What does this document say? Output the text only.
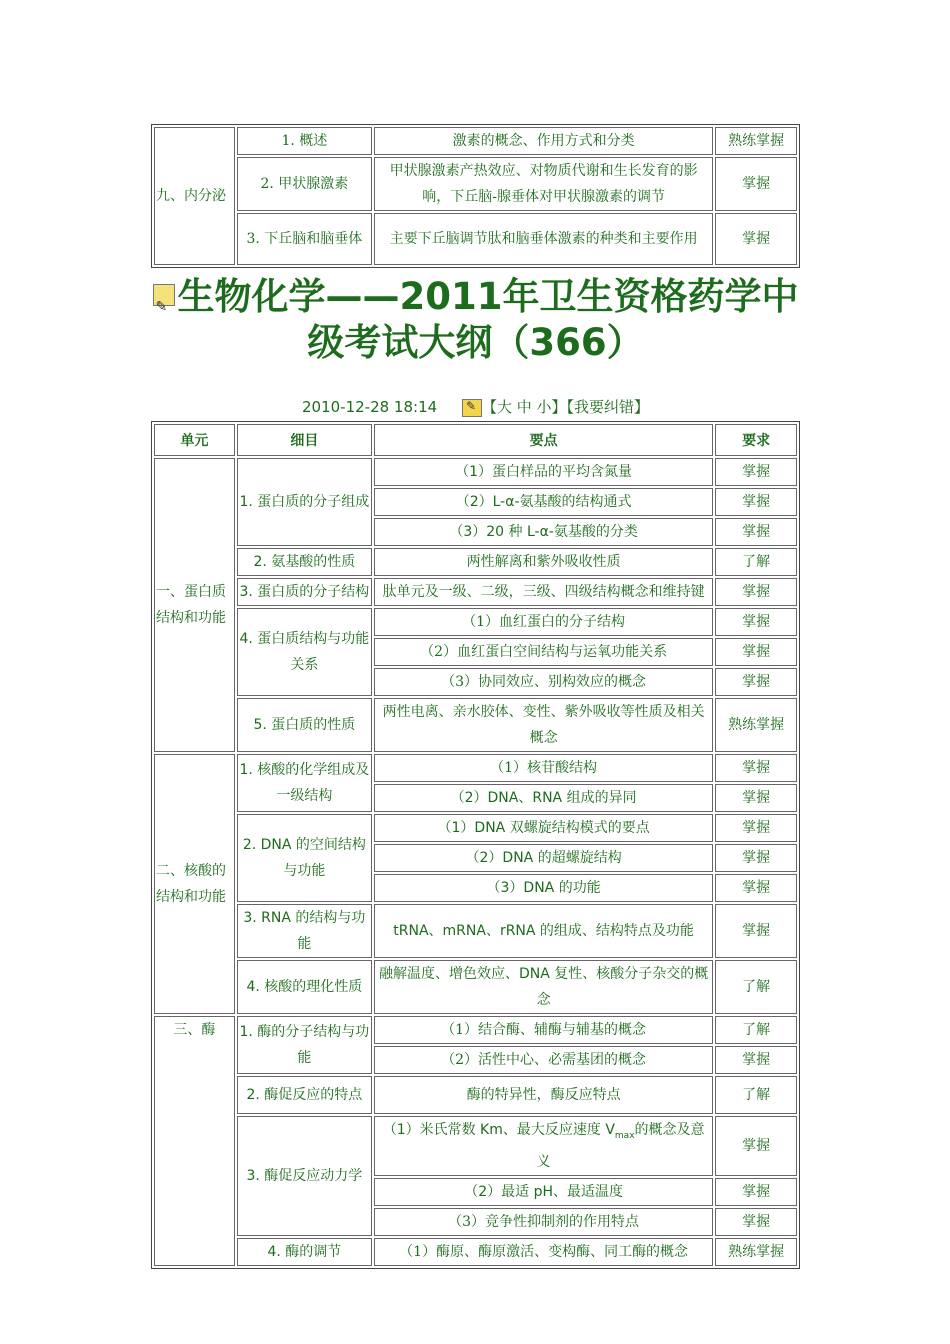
九、内分泌	1. 概述	激素的概念、作用方式和分类	熟练掌握
	2. 甲状腺激素	甲状腺激素产热效应、对物质代谢和生长发育的影响，下丘脑-腺垂体对甲状腺激素的调节	掌握
	3. 下丘脑和脑垂体	主要下丘脑调节肽和脑垂体激素的种类和主要作用	掌握
✎生物化学——2011年卫生资格药学中级考试大纲（366）
2010-12-28 18:14 ✎	【大 中 小】【我要纠错】
单元	细目	要点	要求
一、蛋白质结构和功能	1. 蛋白质的分子组成	（1）蛋白样品的平均含氮量	掌握
		（2）L-α-氨基酸的结构通式	掌握
		（3）20 种 L-α-氨基酸的分类	掌握
	2. 氨基酸的性质	两性解离和紫外吸收性质	了解
	3. 蛋白质的分子结构	肽单元及一级、二级，三级、四级结构概念和维持键	掌握
	4. 蛋白质结构与功能关系	（1）血红蛋白的分子结构	掌握
		（2）血红蛋白空间结构与运氧功能关系	掌握
		（3）协同效应、别构效应的概念	掌握
	5. 蛋白质的性质	两性电离、亲水胶体、变性、紫外吸收等性质及相关概念	熟练掌握
二、核酸的结构和功能	1. 核酸的化学组成及一级结构	（1）核苷酸结构	掌握
		（2）DNA、RNA 组成的异同	掌握
	2. DNA 的空间结构与功能	（1）DNA 双螺旋结构模式的要点	掌握
		（2）DNA 的超螺旋结构	掌握
		（3）DNA 的功能	掌握
	3. RNA 的结构与功能	tRNA、mRNA、rRNA 的组成、结构特点及功能	掌握
	4. 核酸的理化性质	融解温度、增色效应、DNA 复性、核酸分子杂交的概念	了解
三、酶	1. 酶的分子结构与功能	（1）结合酶、辅酶与辅基的概念	了解
		（2）活性中心、必需基团的概念	掌握
	2. 酶促反应的特点	酶的特异性，酶反应特点	了解
	3. 酶促反应动力学	（1）米氏常数 Km、最大反应速度 $V_{max}$的概念及意义	掌握
		（2）最适 pH、最适温度	掌握
		（3）竞争性抑制剂的作用特点	掌握
	4. 酶的调节	（1）酶原、酶原激活、变构酶、同工酶的概念	熟练掌握
